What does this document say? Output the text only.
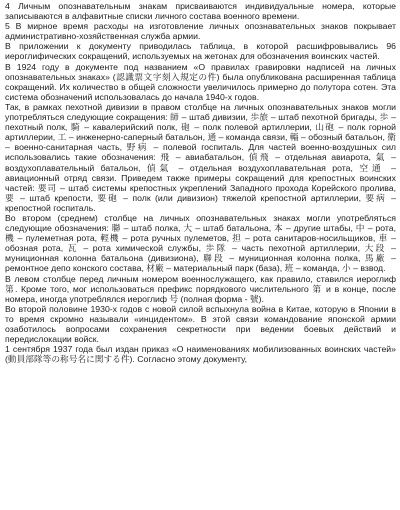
4 Личным опознавательным знакам присваиваются индивидуальные номера, которые записываются в алфавитные списки личного состава военного времени.

5 В мирное время расходы на изготовление личных опознавательных знаков покрывает административно-хозяйственная служба армии.

В приложении к документу приводилась таблица, в которой расшифровывались 96 иероглифических сокращений, используемых на жетонах для обозначения воинских частей.

В 1924 году в документе под названием «О правилах гравировки надписей на личных опознавательных знаках» (認識票文字刻入規定の件) была опубликована расширенная таблица сокращений. Их количество в общей сложности увеличилось примерно до полутора сотен. Эта система обозначений использовалась до начала 1940-х годов.

Так, в рамках пехотной дивизии в правом столбце на личных опознавательных знаков могли употребляться следующие сокращения: 師 – штаб дивизии, 歩旅 – штаб пехотной бригады, 歩 – пехотный полк, 騎 – кавалерийский полк, 砲 – полк полевой артиллерии, 山砲 – полк горной артиллерии, 工 – инженерно-саперный батальон, 通 – команда связи, 輜 – обозный батальон, 衛 – военно-санитарная часть, 野病 – полевой госпиталь. Для частей военно-воздушных сил использовались такие обозначения: 飛 – авиабатальон, 偵飛 – отдельная авиарота, 氣 – воздухоплавательный батальон, 偵氣 – отдельная воздухоплавательная рота, 空通 – авиационный отряд связи. Приведем также примеры сокращений для крепостных воинских частей: 要司 – штаб системы крепостных укреплений Западного прохода Корейского пролива, 要 – штаб крепости, 要砲 – полк (или дивизион) тяжелой крепостной артиллерии, 要病 – крепостной госпиталь.

Во втором (среднем) столбце на личных опознавательных знаках могли употребляться следующие обозначения: 聯 – штаб полка, 大 – штаб батальона, 本 – другие штабы, 中 – рота, 機 – пулеметная рота, 輕機 – рота ручных пулеметов, 担 – рота санитаров-носильщиков, 車 – обозная рота, 瓦 – рота химической службы, 歩隊 – часть пехотной артиллерии, 大段 – муниционная колонна батальона (дивизиона), 聯段 – муниционная колонна полка, 馬廠 – ремонтное депо конского состава, 材廠 – материальный парк (база), 班 – команда, 小 – взвод.

В левом столбце перед личным номером военнослужащего, как правило, ставился иероглиф 第. Кроме того, мог использоваться префикс порядкового числительного 第 и в конце, после номера, иногда употреблялся иероглиф 号 (полная форма - 號).

Во второй половине 1930-х годов с новой силой вспыхнула война в Китае, которую в Японии в то время скромно называли «инцидентом». В этой связи командование японской армии озаботилось вопросами сохранения секретности при ведении боевых действий и передислокации войск.

1 сентября 1937 года был издан приказ «О наименованиях мобилизованных воинских частей» (動員部隊等の称号名に関する件). Согласно этому документу,
